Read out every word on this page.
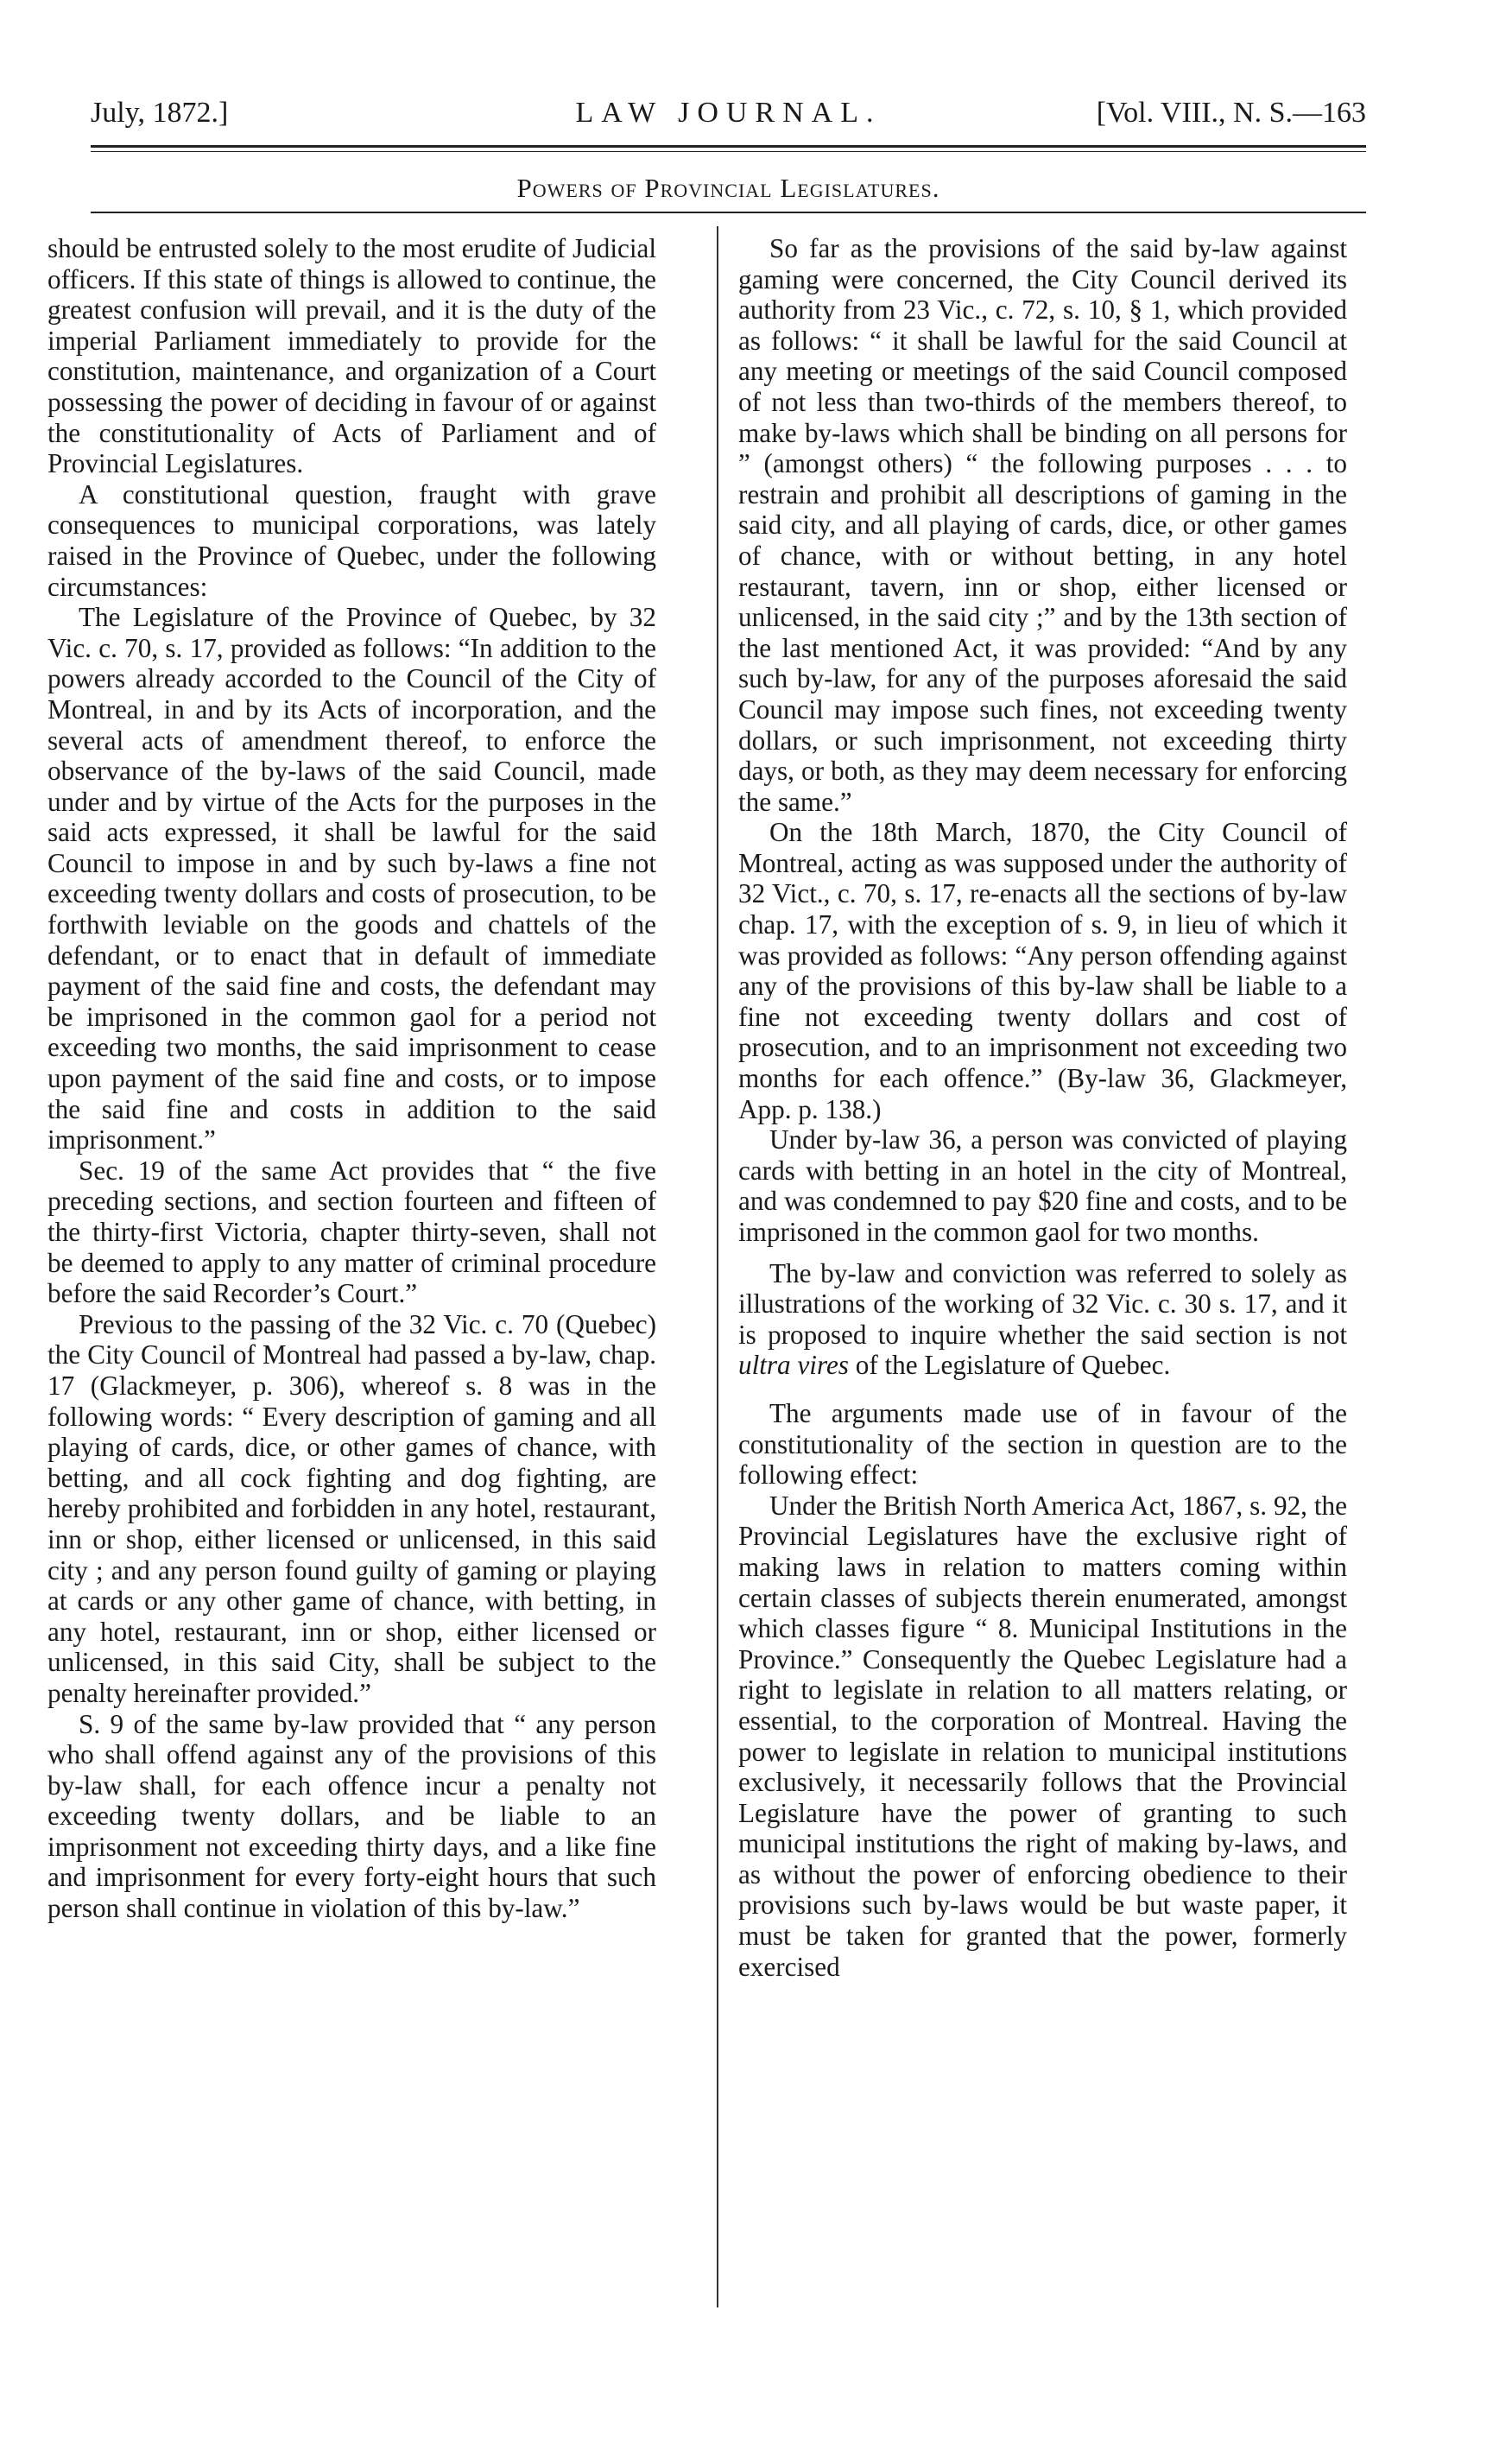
July, 1872.]	LAW JOURNAL.	[Vol. VIII., N. S.—163
Powers of Provincial Legislatures.

should be entrusted solely to the most erudite of Judicial officers. If this state of things is allowed to continue, the greatest confusion will prevail, and it is the duty of the imperial Parliament immediately to provide for the constitution, maintenance, and organization of a Court possessing the power of deciding in favour of or against the constitutionality of Acts of Parliament and of Provincial Legislatures.

A constitutional question, fraught with grave consequences to municipal corporations, was lately raised in the Province of Quebec, under the following circumstances:

The Legislature of the Province of Quebec, by 32 Vic. c. 70, s. 17, provided as follows: “In addition to the powers already accorded to the Council of the City of Montreal, in and by its Acts of incorporation, and the several acts of amendment thereof, to enforce the observance of the by-laws of the said Council, made under and by virtue of the Acts for the purposes in the said acts expressed, it shall be lawful for the said Council to impose in and by such by-laws a fine not exceeding twenty dollars and costs of prosecution, to be forthwith leviable on the goods and chattels of the defendant, or to enact that in default of immediate payment of the said fine and costs, the defendant may be imprisoned in the common gaol for a period not exceeding two months, the said imprisonment to cease upon payment of the said fine and costs, or to impose the said fine and costs in addition to the said imprisonment.”

Sec. 19 of the same Act provides that “ the five preceding sections, and section fourteen and fifteen of the thirty-first Victoria, chapter thirty-seven, shall not be deemed to apply to any matter of criminal procedure before the said Recorder’s Court.”

Previous to the passing of the 32 Vic. c. 70 (Quebec) the City Council of Montreal had passed a by-law, chap. 17 (Glackmeyer, p. 306), whereof s. 8 was in the following words: “ Every description of gaming and all playing of cards, dice, or other games of chance, with betting, and all cock fighting and dog fighting, are hereby prohibited and forbidden in any hotel, restaurant, inn or shop, either licensed or unlicensed, in this said city ; and any person found guilty of gaming or playing at cards or any other game of chance, with betting, in any hotel, restaurant, inn or shop, either licensed or unlicensed, in this said City, shall be subject to the penalty hereinafter provided.”

S. 9 of the same by-law provided that “ any person who shall offend against any of the provisions of this by-law shall, for each offence incur a penalty not exceeding twenty dollars, and be liable to an imprisonment not exceeding thirty days, and a like fine and imprisonment for every forty-eight hours that such person shall continue in violation of this by-law.”

So far as the provisions of the said by-law against gaming were concerned, the City Council derived its authority from 23 Vic., c. 72, s. 10, § 1, which provided as follows: “ it shall be lawful for the said Council at any meeting or meetings of the said Council composed of not less than two-thirds of the members thereof, to make by-laws which shall be binding on all persons for ” (amongst others) “ the following purposes . . . to restrain and prohibit all descriptions of gaming in the said city, and all playing of cards, dice, or other games of chance, with or without betting, in any hotel restaurant, tavern, inn or shop, either licensed or unlicensed, in the said city ;” and by the 13th section of the last mentioned Act, it was provided: “And by any such by-law, for any of the purposes aforesaid the said Council may impose such fines, not exceeding twenty dollars, or such imprisonment, not exceeding thirty days, or both, as they may deem necessary for enforcing the same.”

On the 18th March, 1870, the City Council of Montreal, acting as was supposed under the authority of 32 Vict., c. 70, s. 17, re-enacts all the sections of by-law chap. 17, with the exception of s. 9, in lieu of which it was provided as follows: “Any person offending against any of the provisions of this by-law shall be liable to a fine not exceeding twenty dollars and cost of prosecution, and to an imprisonment not exceeding two months for each offence.” (By-law 36, Glackmeyer, App. p. 138.)

Under by-law 36, a person was convicted of playing cards with betting in an hotel in the city of Montreal, and was condemned to pay $20 fine and costs, and to be imprisoned in the common gaol for two months.

The by-law and conviction was referred to solely as illustrations of the working of 32 Vic. c. 30 s. 17, and it is proposed to inquire whether the said section is not ultra vires of the Legislature of Quebec.

The arguments made use of in favour of the constitutionality of the section in question are to the following effect:

Under the British North America Act, 1867, s. 92, the Provincial Legislatures have the exclusive right of making laws in relation to matters coming within certain classes of subjects therein enumerated, amongst which classes figure “ 8. Municipal Institutions in the Province.” Consequently the Quebec Legislature had a right to legislate in relation to all matters relating, or essential, to the corporation of Montreal. Having the power to legislate in relation to municipal institutions exclusively, it necessarily follows that the Provincial Legislature have the power of granting to such municipal institutions the right of making by-laws, and as without the power of enforcing obedience to their provisions such by-laws would be but waste paper, it must be taken for granted that the power, formerly exercised
